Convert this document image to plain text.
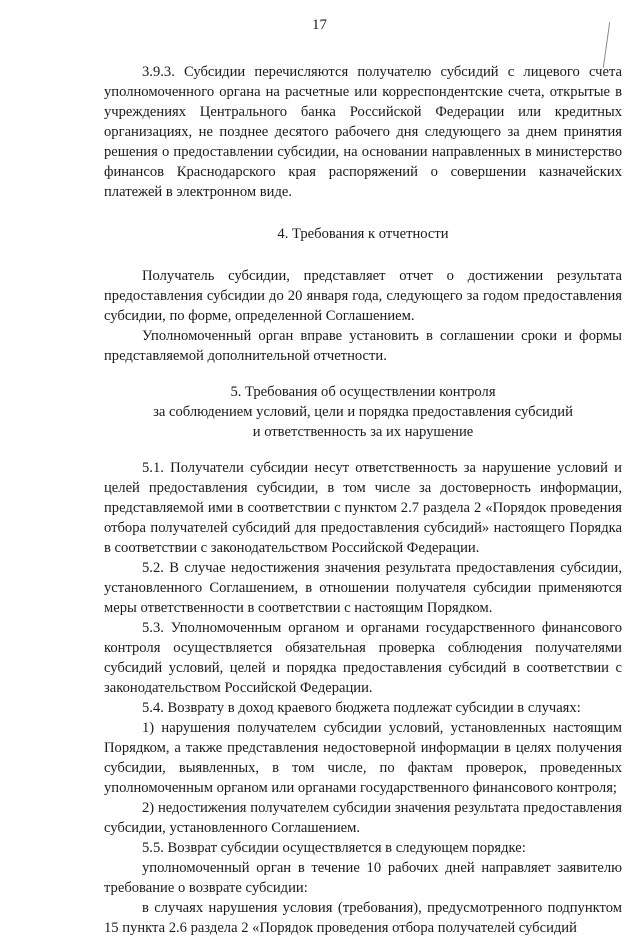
17

3.9.3. Субсидии перечисляются получателю субсидий с лицевого счета уполномоченного органа на расчетные или корреспондентские счета, открытые в учреждениях Центрального банка Российской Федерации или кредитных организациях, не позднее десятого рабочего дня следующего за днем принятия решения о предоставлении субсидии, на основании направленных в министерство финансов Краснодарского края распоряжений о совершении казначейских платежей в электронном виде.

4. Требования к отчетности

Получатель субсидии, представляет отчет о достижении результата предоставления субсидии до 20 января года, следующего за годом предоставления субсидии, по форме, определенной Соглашением.

Уполномоченный орган вправе установить в соглашении сроки и формы представляемой дополнительной отчетности.

5. Требования об осуществлении контроля
за соблюдением условий, цели и порядка предоставления субсидий
и ответственность за их нарушение

5.1. Получатели субсидии несут ответственность за нарушение условий и целей предоставления субсидии, в том числе за достоверность информации, представляемой ими в соответствии с пунктом 2.7 раздела 2 «Порядок проведения отбора получателей субсидий для предоставления субсидий» настоящего Порядка в соответствии с законодательством Российской Федерации.

5.2. В случае недостижения значения результата предоставления субсидии, установленного Соглашением, в отношении получателя субсидии применяются меры ответственности в соответствии с настоящим Порядком.

5.3. Уполномоченным органом и органами государственного финансового контроля осуществляется обязательная проверка соблюдения получателями субсидий условий, целей и порядка предоставления субсидий в соответствии с законодательством Российской Федерации.

5.4. Возврату в доход краевого бюджета подлежат субсидии в случаях:

1) нарушения получателем субсидии условий, установленных настоящим Порядком, а также представления недостоверной информации в целях получения субсидии, выявленных, в том числе, по фактам проверок, проведенных уполномоченным органом или органами государственного финансового контроля;

2) недостижения получателем субсидии значения результата предоставления субсидии, установленного Соглашением.

5.5. Возврат субсидии осуществляется в следующем порядке:

уполномоченный орган в течение 10 рабочих дней направляет заявителю требование о возврате субсидии:

в случаях нарушения условия (требования), предусмотренного подпунктом 15 пункта 2.6 раздела 2 «Порядок проведения отбора получателей субсидий
